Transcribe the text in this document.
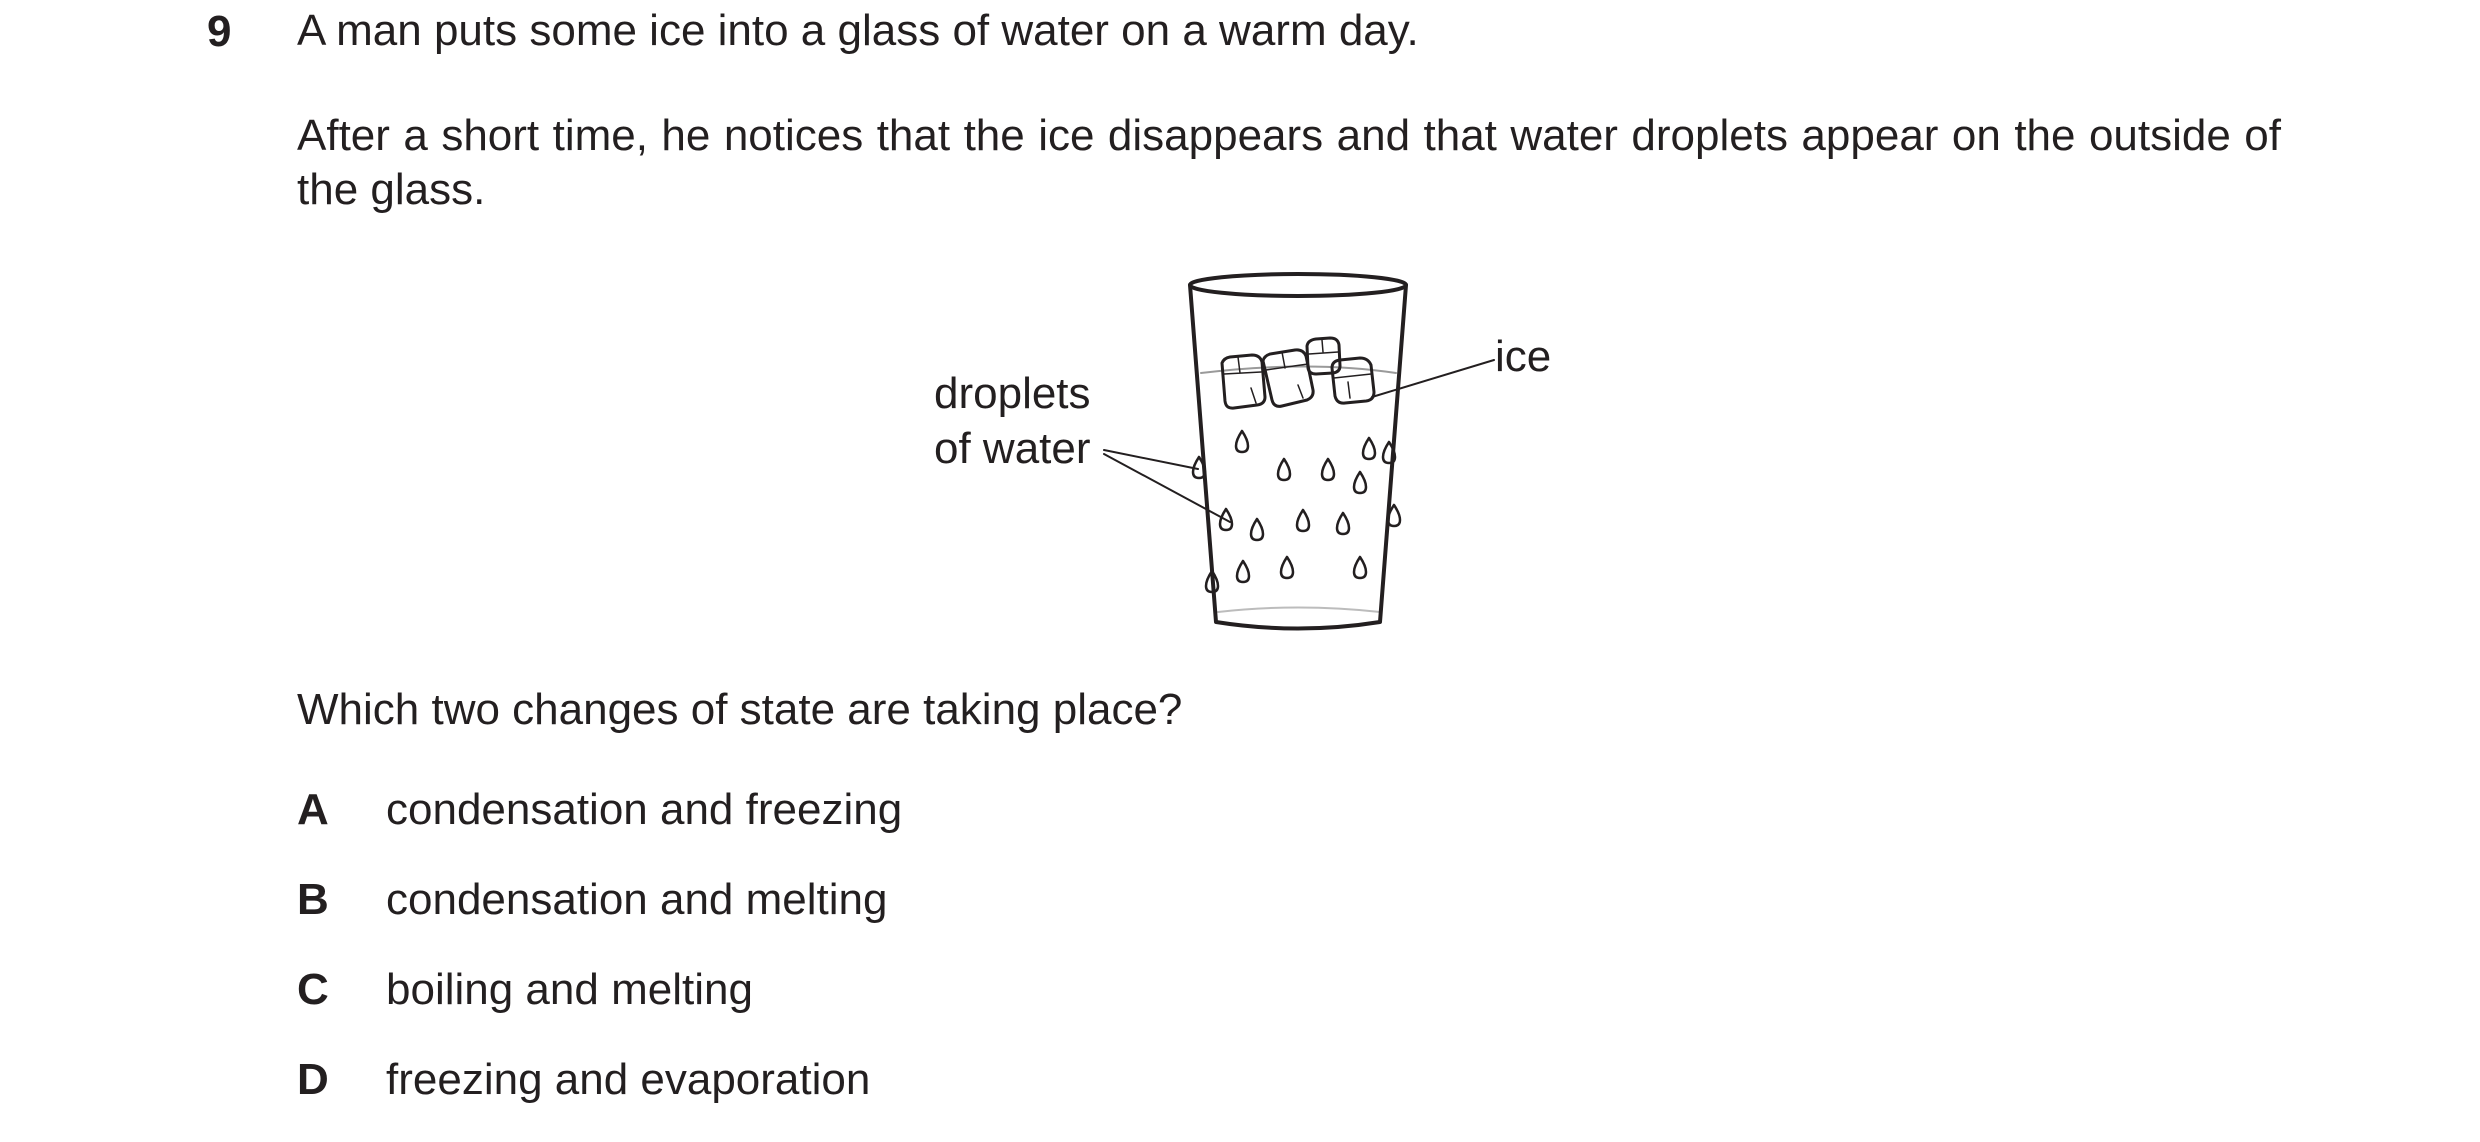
9 A man puts some ice into a glass of water on a warm day.
After a short time, he notices that the ice disappears and that water droplets appear on the outside of the glass.
droplets
of water
ice
Which two changes of state are taking place?
A condensation and freezing
B condensation and melting
C boiling and melting
D freezing and evaporation
